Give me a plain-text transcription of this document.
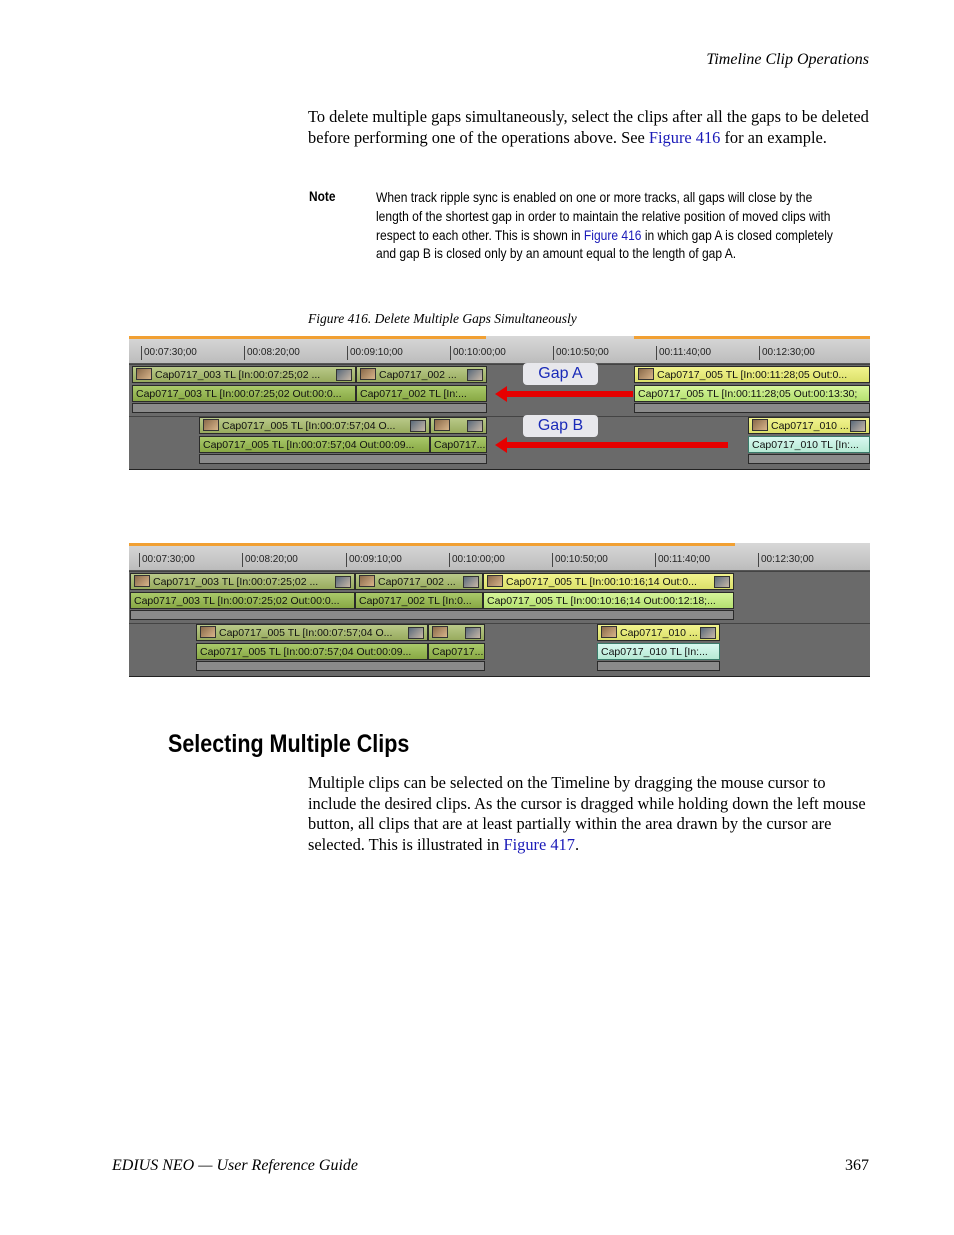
Timeline Clip Operations
To delete multiple gaps simultaneously, select the clips after all the gaps to be deleted before performing one of the operations above. See Figure 416 for an example.
Note	When track ripple sync is enabled on one or more tracks, all gaps will close by the length of the shortest gap in order to maintain the relative position of moved clips with respect to each other. This is shown in Figure 416 in which gap A is closed completely and gap B is closed only by an amount equal to the length of gap A.
Figure 416. Delete Multiple Gaps Simultaneously
00:07:30;00	00:08:20;00	00:09:10;00	00:10:00;00	00:10:50;00	00:11:40;00	00:12:30;00
Cap0717_003 TL [In:00:07:25;02 ...	Cap0717_002 ...	Cap0717_005 TL [In:00:11:28;05 Out:0...
Cap0717_003 TL [In:00:07:25;02 Out:00:0...	Cap0717_002 TL [In:...	Cap0717_005 TL [In:00:11:28;05 Out:00:13:30;
Cap0717_005 TL [In:00:07:57;04 O...	Cap0717_010 ...
Cap0717_005 TL [In:00:07:57;04 Out:00:09...	Cap0717...	Cap0717_010 TL [In:...
Gap A
Gap B
00:07:30;00	00:08:20;00	00:09:10;00	00:10:00;00	00:10:50;00	00:11:40;00	00:12:30;00
Cap0717_003 TL [In:00:07:25;02 ...	Cap0717_002 ...	Cap0717_005 TL [In:00:10:16;14 Out:0...
Cap0717_003 TL [In:00:07:25;02 Out:00:0...	Cap0717_002 TL [In:0...	Cap0717_005 TL [In:00:10:16;14 Out:00:12:18;...
Cap0717_005 TL [In:00:07:57;04 O...	Cap0717_010 ...
Cap0717_005 TL [In:00:07:57;04 Out:00:09...	Cap0717...	Cap0717_010 TL [In:...
Selecting Multiple Clips
Multiple clips can be selected on the Timeline by dragging the mouse cursor to include the desired clips. As the cursor is dragged while holding down the left mouse button, all clips that are at least partially within the area drawn by the cursor are selected. This is illustrated in Figure 417.
EDIUS NEO — User Reference Guide	367
